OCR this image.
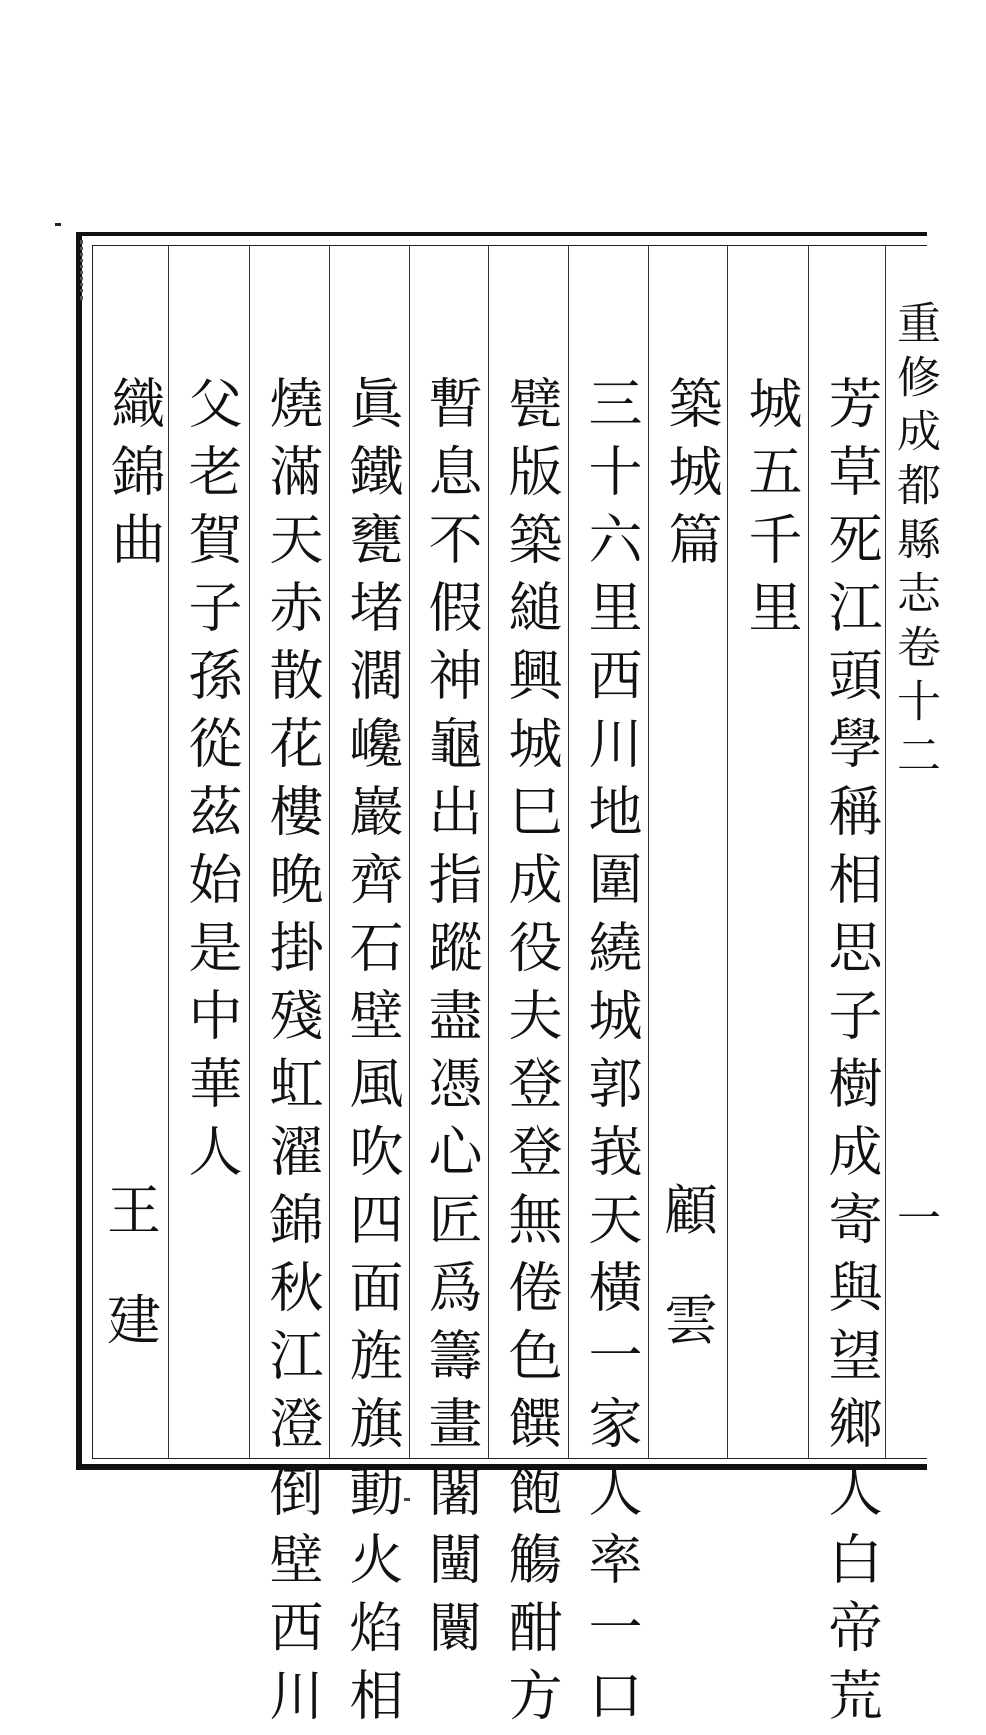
重修成都縣志卷十二
一
芳草死江頭學稱相思子樹成寄與望鄉人白帝荒
城五千里
築城篇
顧
雲
三十六里西川地圍繞城郭峩天橫一家人率一口
甓版築縋興城巳成役夫登登無倦色饌飽觴酣方
暫息不假神龜出指蹤盡憑心匠爲籌畫闍闉闤
眞鐵甕堵濶巉巖齊石壁風吹四面旌旗動火焰相
燒滿天赤散花樓晚掛殘虹濯錦秋江澄倒壁西川
父老賀子孫從茲始是中華人
織錦曲
王
建
